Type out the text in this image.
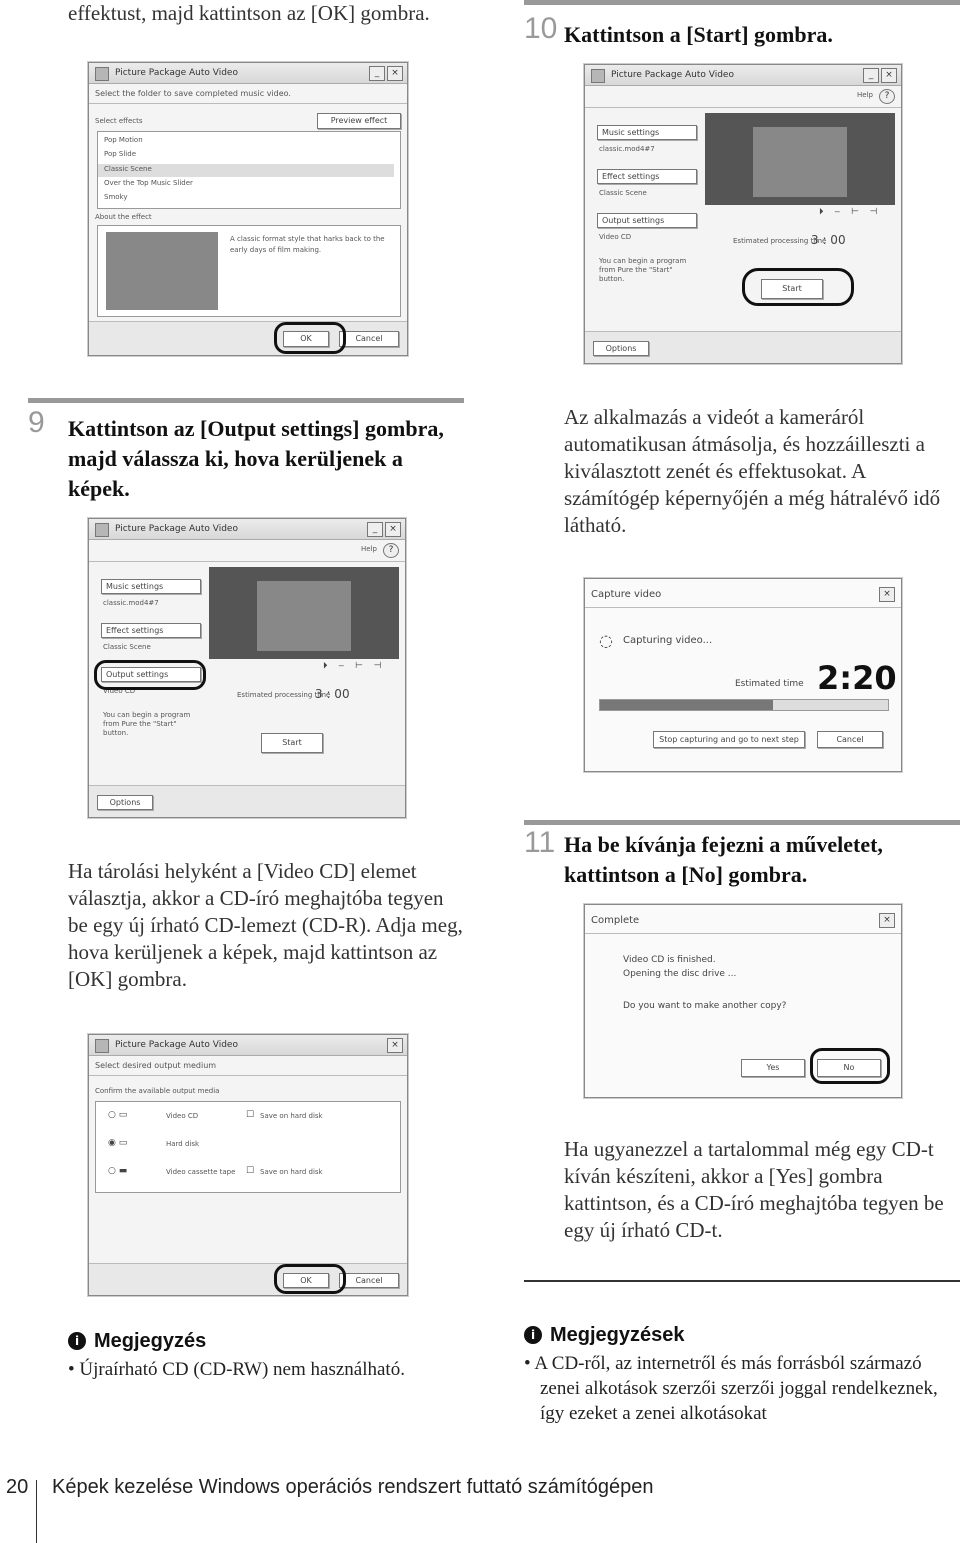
effektust, majd kattintson az [OK] gombra.
Picture Package Auto Video	_	×
Select the folder to save completed music video.
Select effects	Preview effect
Pop Motion
Pop Slide
Classic Scene
Over the Top Music Slider
Smoky
About the effect
A classic format style that harks back to the early days of film making.
OK	Cancel
9 Kattintson az [Output settings] gombra, majd válassza ki, hova kerüljenek a képek.
Picture Package Auto Video	_	×
Help	?
Music settings
classic.mod4#7
Effect settings
Classic Scene
Output settings
Video CD
You can begin a program from Pure the "Start" button.
⏵ ‒ ⊢ ⊣
Estimated processing time
3 : 00
Start
Options
Ha tárolási helyként a [Video CD] elemet választja, akkor a CD-író meghajtóba tegyen be egy új írható CD-lemezt (CD-R). Adja meg, hova kerüljenek a képek, majd kattintson az [OK] gombra.
Picture Package Auto Video	×
Select desired output medium
Confirm the available output media
○ ▭	Video CD	☐ Save on hard disk
◉ ▭	Hard disk
○ ▬	Video cassette tape ☐ Save on hard disk
OK	Cancel
i Megjegyzés
• Újraírható CD (CD-RW) nem használható.
10 Kattintson a [Start] gombra.
Picture Package Auto Video	_	×
Help	?
Music settings
classic.mod4#7
Effect settings
Classic Scene
Output settings
Video CD
You can begin a program from Pure the "Start" button.
⏵ ‒ ⊢ ⊣
Estimated processing time
3 : 00
Start
Options
Az alkalmazás a videót a kameráról automatikusan átmásolja, és hozzáilleszti a kiválasztott zenét és effektusokat. A számítógép képernyőjén a még hátralévő idő látható.
Capture video	×
◌ Capturing video...
Estimated time 2:20
Stop capturing and go to next step	Cancel
11 Ha be kívánja fejezni a műveletet, kattintson a [No] gombra.
Complete	×
Video CD is finished.
Opening the disc drive ...
Do you want to make another copy?
Yes	No
Ha ugyanezzel a tartalommal még egy CD-t kíván készíteni, akkor a [Yes] gombra kattintson, és a CD-író meghajtóba tegyen be egy új írható CD-t.
i Megjegyzések
• A CD-ről, az internetről és más forrásból származó zenei alkotások szerzői szerzői joggal rendelkeznek, így ezeket a zenei alkotásokat
20 Képek kezelése Windows operációs rendszert futtató számítógépen
